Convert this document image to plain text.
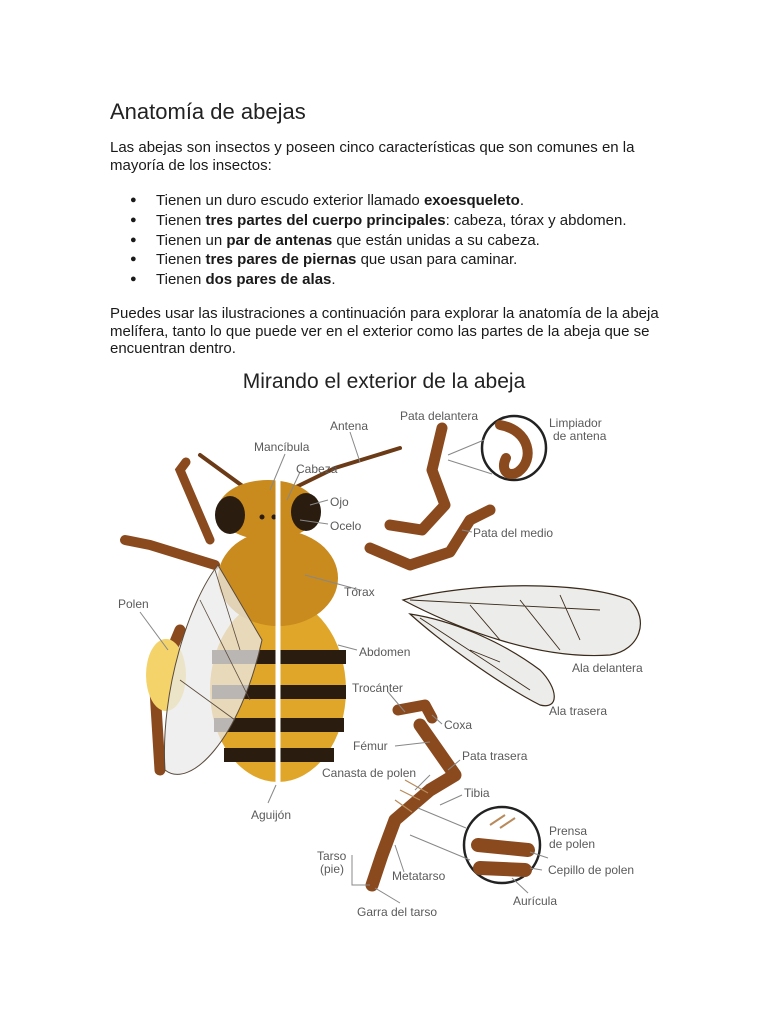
Anatomía de abejas

Las abejas son insectos y poseen cinco características que son comunes en la mayoría de los insectos:

● Tienen un duro escudo exterior llamado exoesqueleto.
● Tienen tres partes del cuerpo principales: cabeza, tórax y abdomen.
● Tienen un par de antenas que están unidas a su cabeza.
● Tienen tres pares de piernas que usan para caminar.
● Tienen dos pares de alas.

Puedes usar las ilustraciones a continuación para explorar la anatomía de la abeja melífera, tanto lo que puede ver en el exterior como las partes de la abeja que se encuentran dentro.

Mirando el exterior de la abeja
Antena
Pata delantera	Limpiador
de antena
Mancíbula
Cabeza
Ojo
Ocelo	Pata del medio
Polen
Tórax
Abdomen
Ala delantera
Ala trasera
Trocánter
Coxa
Fémur
Pata trasera
Canasta de polen
Tibia
Aguijón
Prensa
de polen
Tarso
(pie)	Cepillo de polen
Metatarso
Aurícula
Garra del tarso
